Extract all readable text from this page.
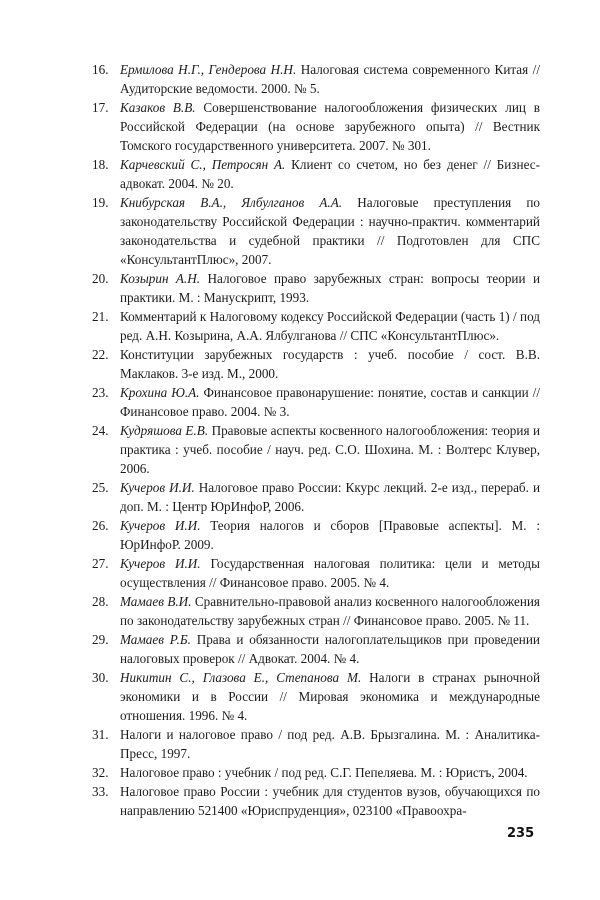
16. Ермилова Н.Г., Гендерова Н.Н. Налоговая система современного Китая // Аудиторские ведомости. 2000. № 5.

17. Казаков В.В. Совершенствование налогообложения физических лиц в Российской Федерации (на основе зарубежного опыта) // Вестник Томского государственного университета. 2007. № 301.

18. Карчевский С., Петросян А. Клиент со счетом, но без денег // Бизнес-адвокат. 2004. № 20.

19. Книбурская В.А., Ялбулганов А.А. Налоговые преступления по законодательству Российской Федерации : научно-практич. комментарий законодательства и судебной практики // Подготовлен для СПС «КонсультантПлюс», 2007.

20. Козырин А.Н. Налоговое право зарубежных стран: вопросы теории и практики. М. : Манускрипт, 1993.

21. Комментарий к Налоговому кодексу Российской Федерации (часть 1) / под ред. А.Н. Козырина, А.А. Ялбулганова // СПС «КонсультантПлюс».

22. Конституции зарубежных государств : учеб. пособие / сост. В.В. Маклаков. 3-е изд. М., 2000.

23. Крохина Ю.А. Финансовое правонарушение: понятие, состав и санкции // Финансовое право. 2004. № 3.

24. Кудряшова Е.В. Правовые аспекты косвенного налогообложения: теория и практика : учеб. пособие / науч. ред. С.О. Шохина. М. : Волтерс Клувер, 2006.

25. Кучеров И.И. Налоговое право России: Ккурс лекций. 2-е изд., перераб. и доп. М. : Центр ЮрИнфоР, 2006.

26. Кучеров И.И. Теория налогов и сборов [Правовые аспекты]. М. : ЮрИнфоР. 2009.

27. Кучеров И.И. Государственная налоговая политика: цели и методы осуществления // Финансовое право. 2005. № 4.

28. Мамаев В.И. Сравнительно-правовой анализ косвенного налогообложения по законодательству зарубежных стран // Финансовое право. 2005. № 11.

29. Мамаев Р.Б. Права и обязанности налогоплательщиков при проведении налоговых проверок // Адвокат. 2004. № 4.

30. Никитин С., Глазова Е., Степанова М. Налоги в странах рыночной экономики и в России // Мировая экономика и международные отношения. 1996. № 4.

31. Налоги и налоговое право / под ред. А.В. Брызгалина. М. : Аналитика-Пресс, 1997.

32. Налоговое право : учебник / под ред. С.Г. Пепеляева. М. : Юристъ, 2004.

33. Налоговое право России : учебник для студентов вузов, обучающихся по направлению 521400 «Юриспруденция», 023100 «Правоохра-

235
